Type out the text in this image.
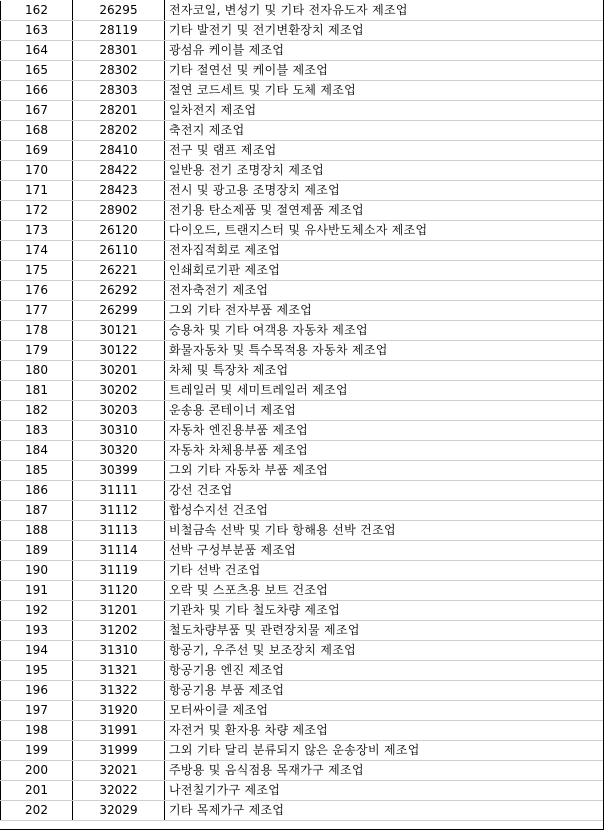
162	26295	전자코일, 변성기 및 기타 전자유도자 제조업
163	28119	기타 발전기 및 전기변환장치 제조업
164	28301	광섬유 케이블 제조업
165	28302	기타 절연선 및 케이블 제조업
166	28303	절연 코드세트 및 기타 도체 제조업
167	28201	일차전지 제조업
168	28202	축전지 제조업
169	28410	전구 및 램프 제조업
170	28422	일반용 전기 조명장치 제조업
171	28423	전시 및 광고용 조명장치 제조업
172	28902	전기용 탄소제품 및 절연제품 제조업
173	26120	다이오드, 트랜지스터 및 유사반도체소자 제조업
174	26110	전자집적회로 제조업
175	26221	인쇄회로기판 제조업
176	26292	전자축전기 제조업
177	26299	그외 기타 전자부품 제조업
178	30121	승용차 및 기타 여객용 자동차 제조업
179	30122	화물자동차 및 특수목적용 자동차 제조업
180	30201	차체 및 특장차 제조업
181	30202	트레일러 및 세미트레일러 제조업
182	30203	운송용 콘테이너 제조업
183	30310	자동차 엔진용부품 제조업
184	30320	자동차 차체용부품 제조업
185	30399	그외 기타 자동차 부품 제조업
186	31111	강선 건조업
187	31112	합성수지선 건조업
188	31113	비철금속 선박 및 기타 항해용 선박 건조업
189	31114	선박 구성부분품 제조업
190	31119	기타 선박 건조업
191	31120	오락 및 스포츠용 보트 건조업
192	31201	기관차 및 기타 철도차량 제조업
193	31202	철도차량부품 및 관련장치물 제조업
194	31310	항공기, 우주선 및 보조장치 제조업
195	31321	항공기용 엔진 제조업
196	31322	항공기용 부품 제조업
197	31920	모터싸이클 제조업
198	31991	자전거 및 환자용 차량 제조업
199	31999	그외 기타 달리 분류되지 않은 운송장비 제조업
200	32021	주방용 및 음식점용 목재가구 제조업
201	32022	나전칠기가구 제조업
202	32029	기타 목제가구 제조업
